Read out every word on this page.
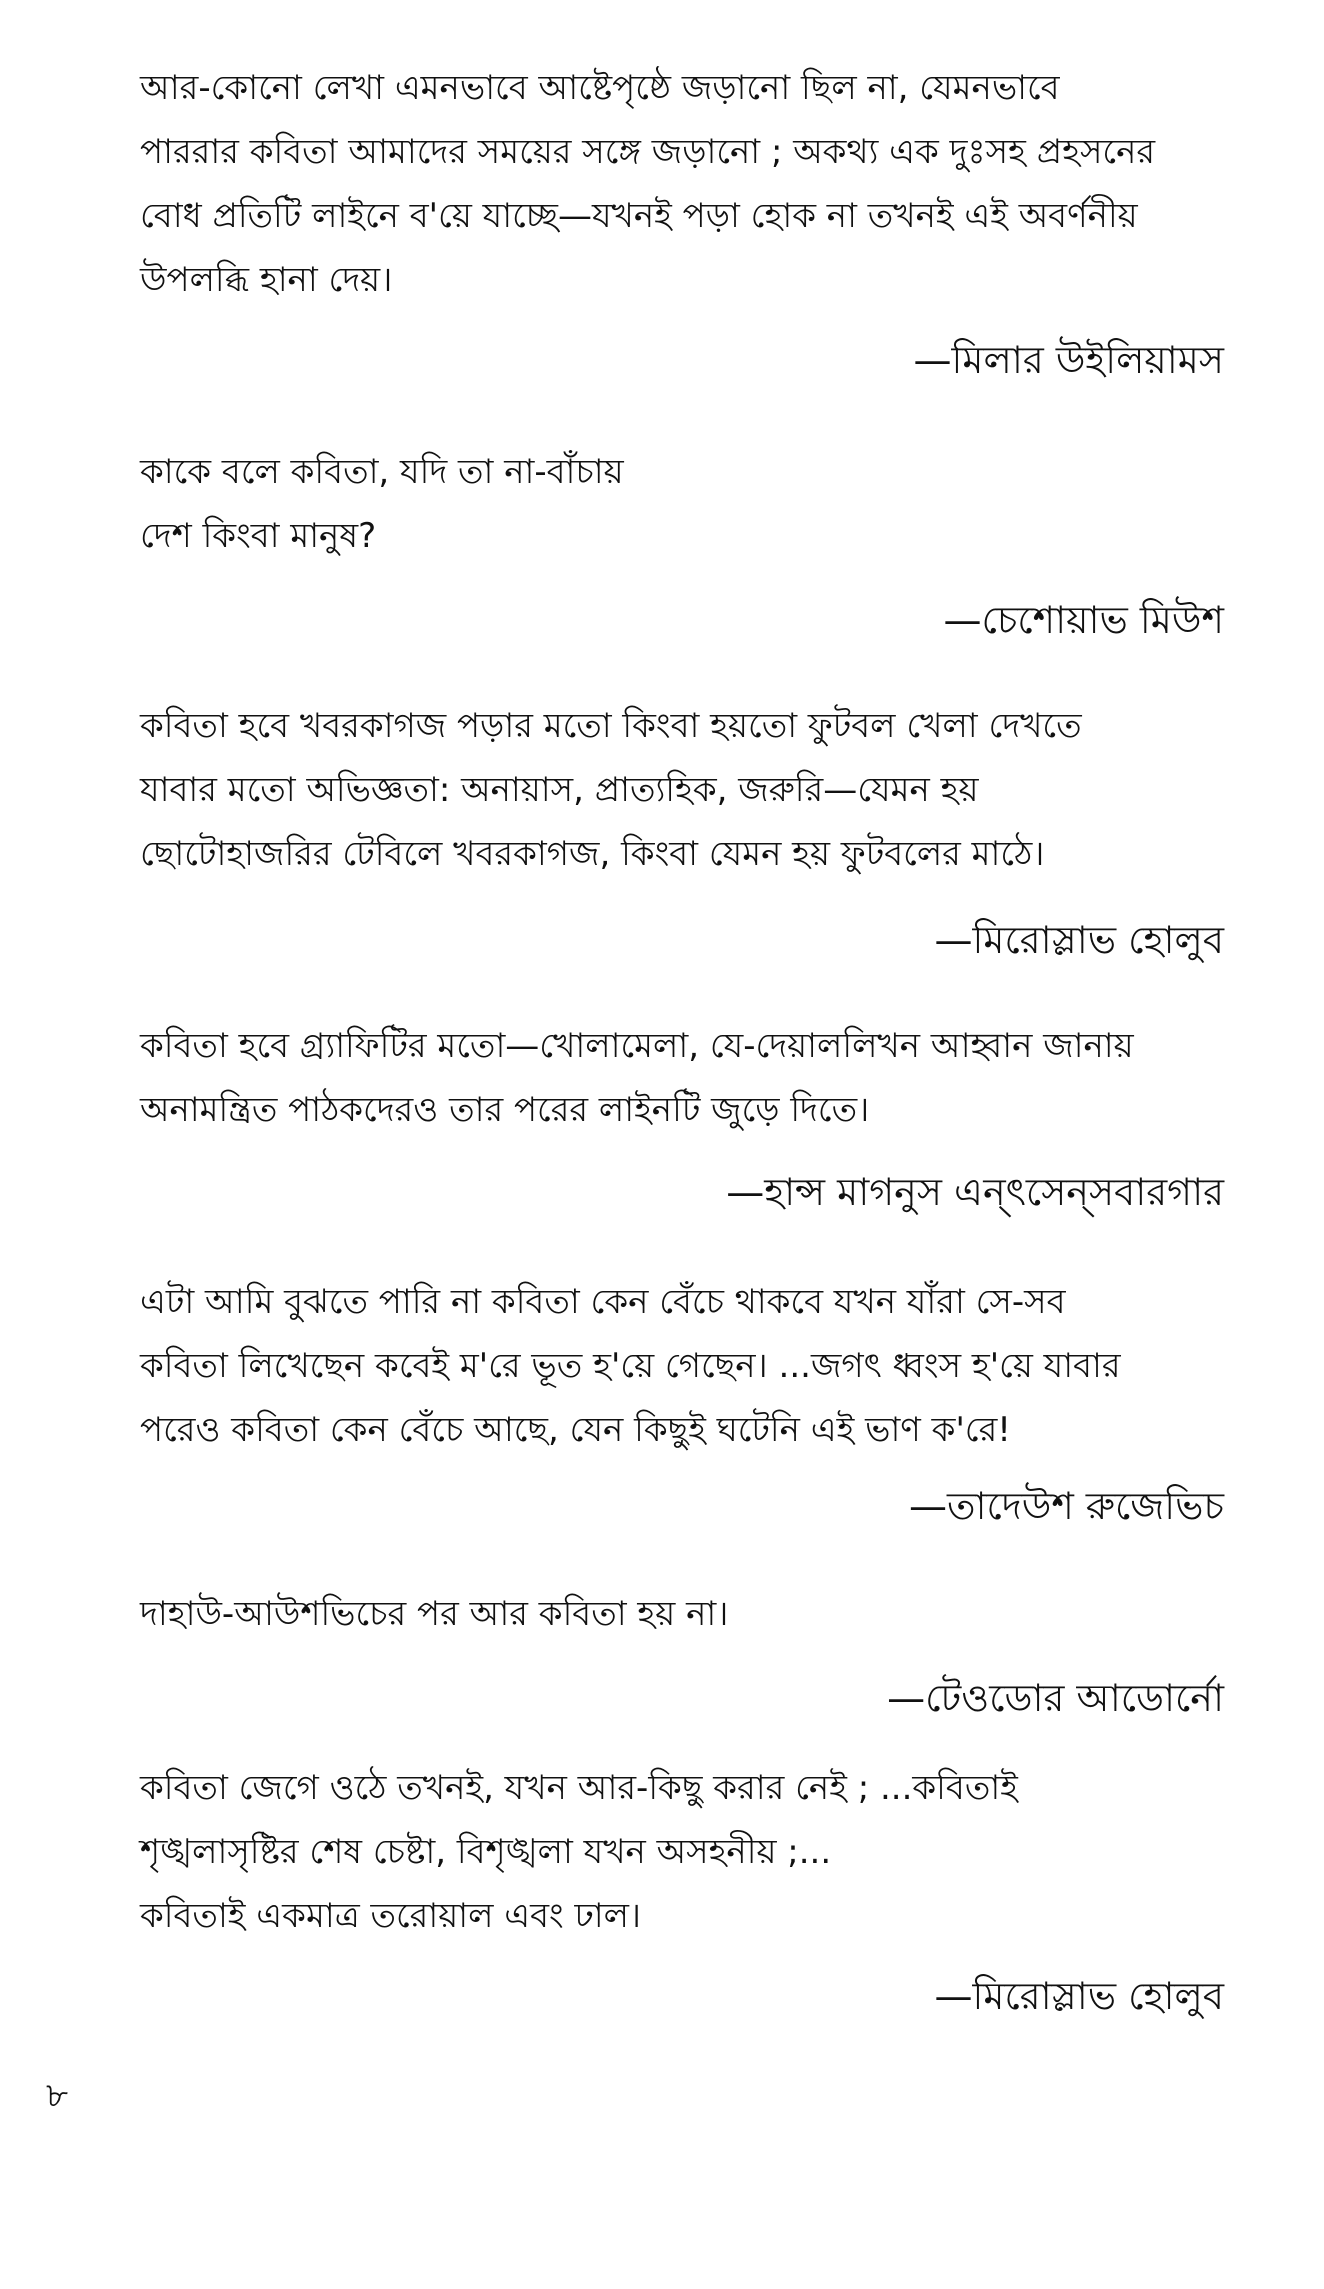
আর-কোনো লেখা এমনভাবে আষ্টেপৃষ্ঠে জড়ানো ছিল না, যেমনভাবে
পাররার কবিতা আমাদের সময়ের সঙ্গে জড়ানো ; অকথ্য এক দুঃসহ প্রহসনের
বোধ প্রতিটি লাইনে ব'য়ে যাচ্ছে—যখনই পড়া হোক না তখনই এই অবর্ণনীয়
উপলব্ধি হানা দেয়।
—মিলার উইলিয়ামস
কাকে বলে কবিতা, যদি তা না-বাঁচায়
দেশ কিংবা মানুষ?
—চেশোয়াভ মিউশ
কবিতা হবে খবরকাগজ পড়ার মতো কিংবা হয়তো ফুটবল খেলা দেখতে
যাবার মতো অভিজ্ঞতা: অনায়াস, প্রাত্যহিক, জরুরি—যেমন হয়
ছোটোহাজরির টেবিলে খবরকাগজ, কিংবা যেমন হয় ফুটবলের মাঠে।
—মিরোস্লাভ হোলুব
কবিতা হবে গ্র্যাফিটির মতো—খোলামেলা, যে-দেয়াললিখন আহ্বান জানায়
অনামন্ত্রিত পাঠকদেরও তার পরের লাইনটি জুড়ে দিতে।
—হান্স মাগনুস এন্‌ৎসেন্‌সবারগার
এটা আমি বুঝতে পারি না কবিতা কেন বেঁচে থাকবে যখন যাঁরা সে-সব
কবিতা লিখেছেন কবেই ম'রে ভূত হ'য়ে গেছেন। ...জগৎ ধ্বংস হ'য়ে যাবার
পরেও কবিতা কেন বেঁচে আছে, যেন কিছুই ঘটেনি এই ভাণ ক'রে!
—তাদেউশ রুজেভিচ
দাহাউ-আউশভিচের পর আর কবিতা হয় না।
—টেওডোর আডোর্নো
কবিতা জেগে ওঠে তখনই, যখন আর-কিছু করার নেই ; ...কবিতাই
শৃঙ্খলাসৃষ্টির শেষ চেষ্টা, বিশৃঙ্খলা যখন অসহনীয় ;...
কবিতাই একমাত্র তরোয়াল এবং ঢাল।
—মিরোস্লাভ হোলুব
৮
